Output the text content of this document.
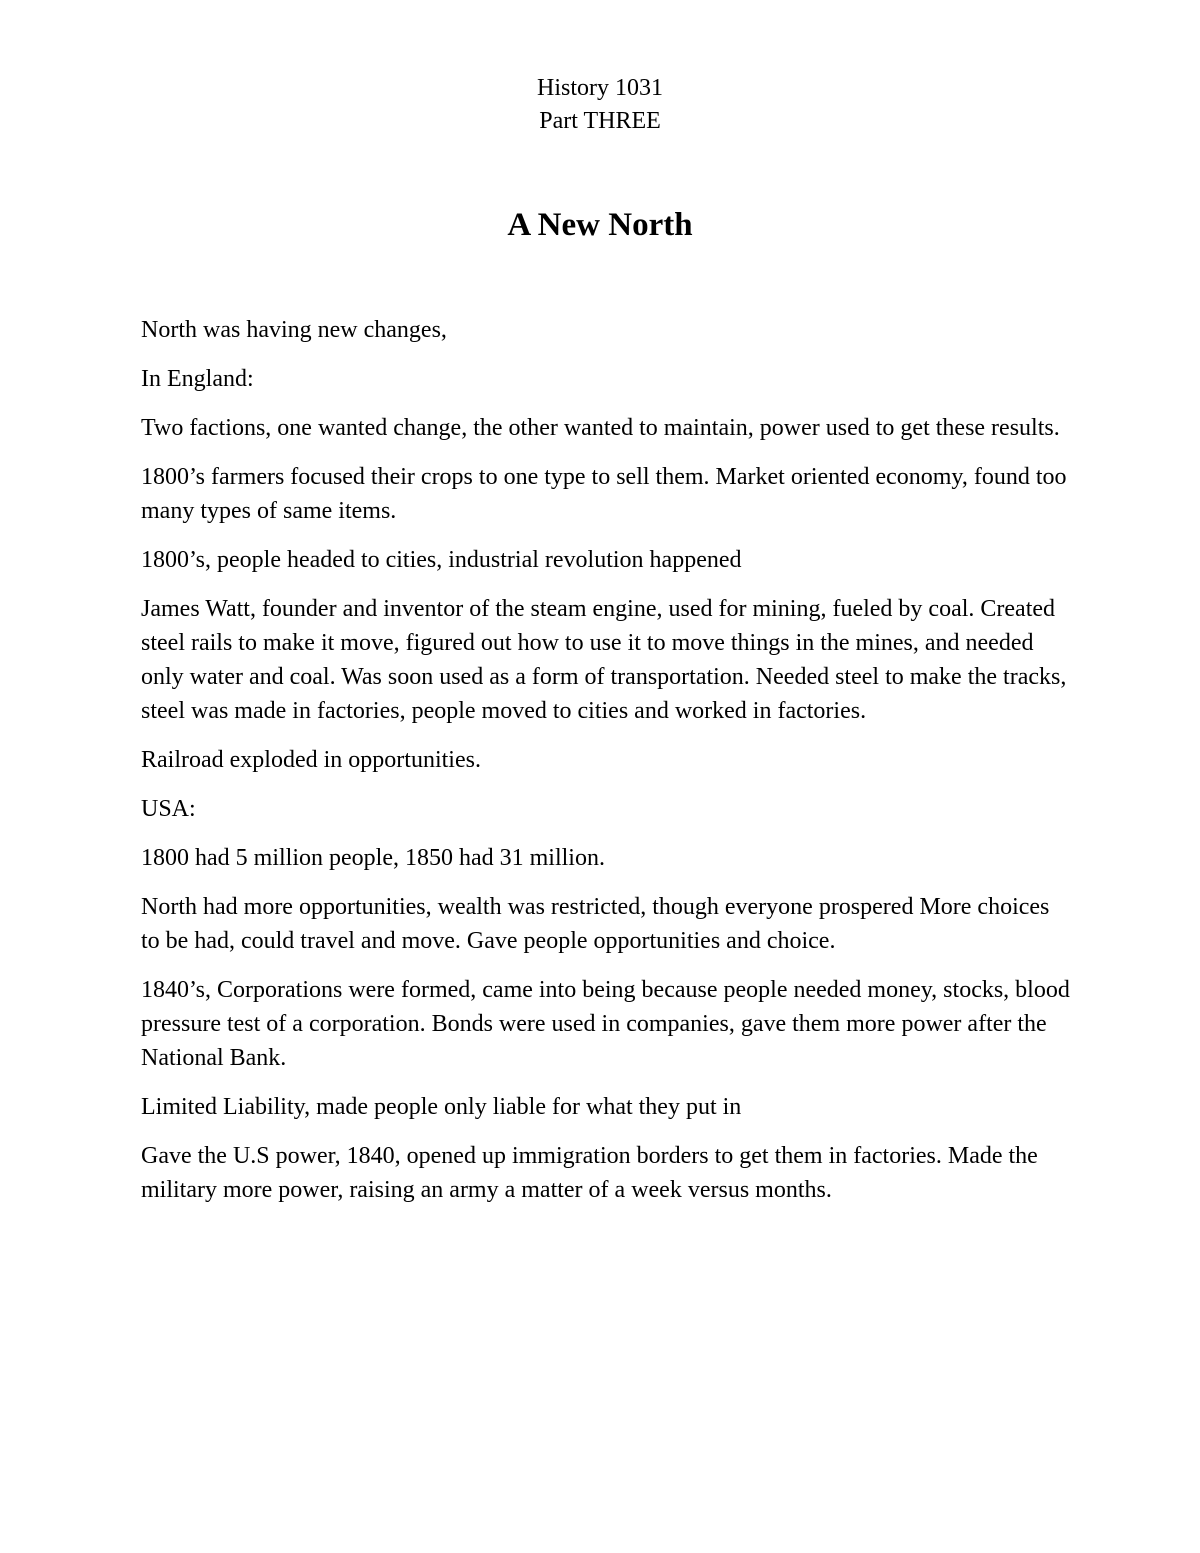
History 1031
Part THREE
A New North

North was having new changes,

In England:

Two factions, one wanted change, the other wanted to maintain, power used to get these results.

1800’s farmers focused their crops to one type to sell them. Market oriented economy, found too many types of same items.

1800’s, people headed to cities, industrial revolution happened

James Watt, founder and inventor of the steam engine, used for mining, fueled by coal. Created steel rails to make it move, figured out how to use it to move things in the mines, and needed only water and coal. Was soon used as a form of transportation. Needed steel to make the tracks, steel was made in factories, people moved to cities and worked in factories.

Railroad exploded in opportunities.

USA:

1800 had 5 million people, 1850 had 31 million.

North had more opportunities, wealth was restricted, though everyone prospered More choices to be had, could travel and move. Gave people opportunities and choice.

1840’s, Corporations were formed, came into being because people needed money, stocks, blood pressure test of a corporation. Bonds were used in companies, gave them more power after the National Bank.

Limited Liability, made people only liable for what they put in

Gave the U.S power, 1840, opened up immigration borders to get them in factories. Made the military more power, raising an army a matter of a week versus months.
